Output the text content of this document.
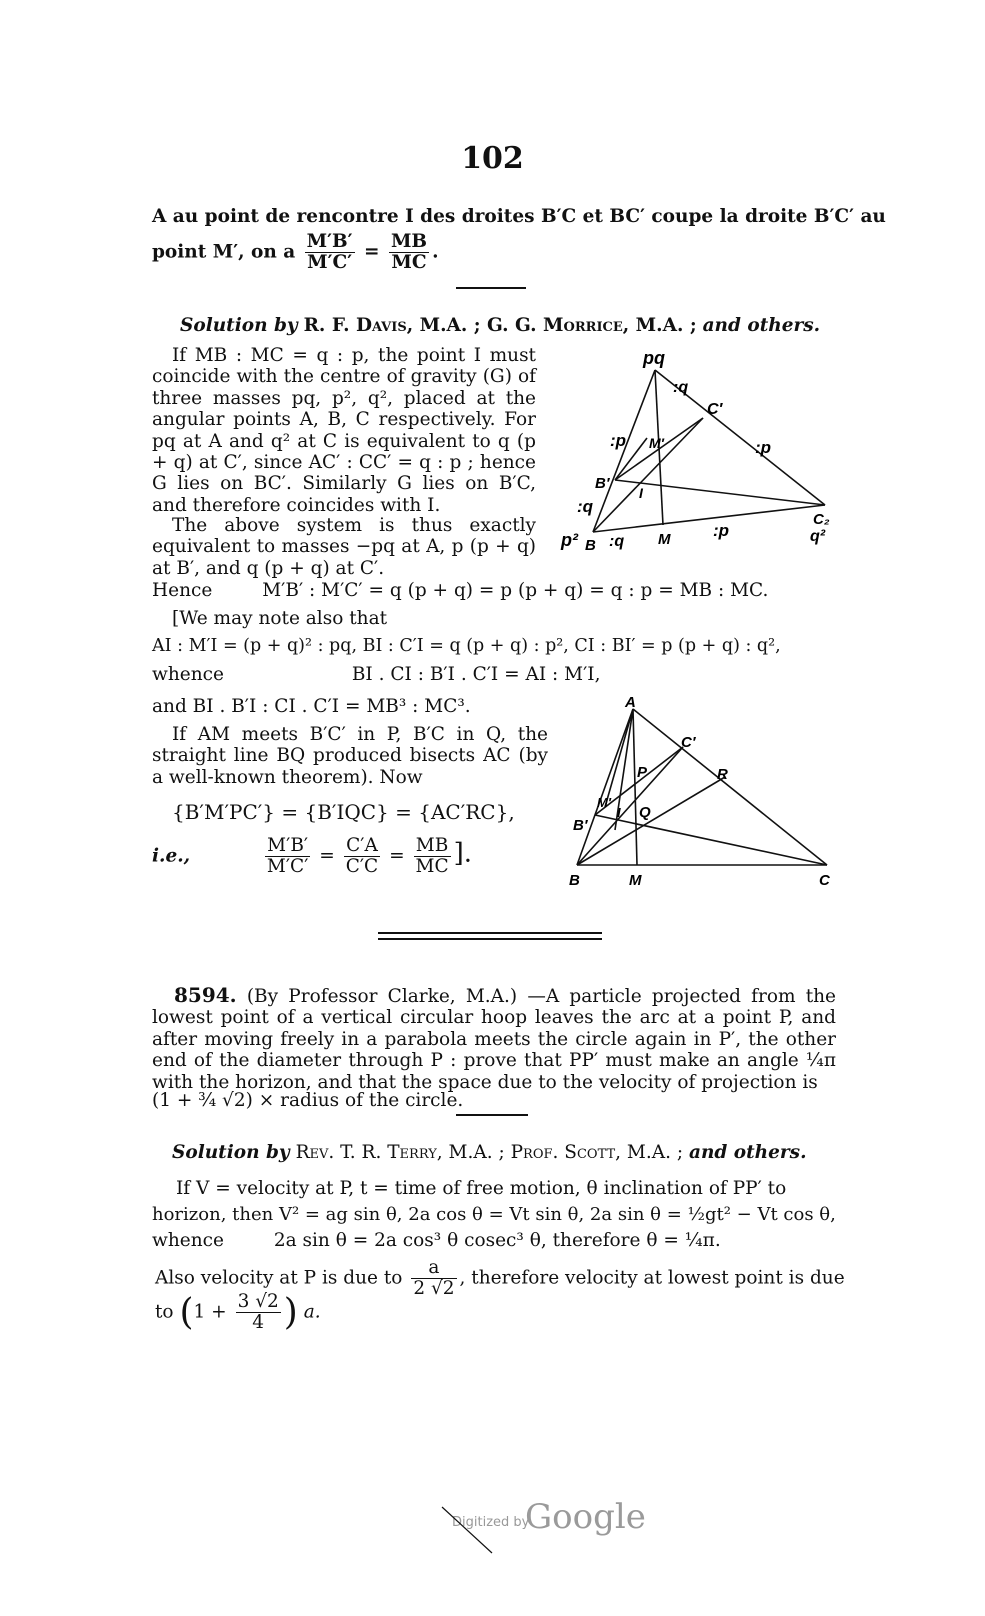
102
A au point de rencontre I des droites B′C et BC′ coupe la droite B′C′ au
point M′, on a $\frac{M'B'}{M'C'} = \frac{MB}{MC}$ .
Solution by R. F. Davis, M.A. ; G. G. Morrice, M.A. ; and others.
If MB : MC = q : p, the point I must coincide with the centre of gravity (G) of three masses pq, p², q², placed at the angular points A, B, C respectively. For pq at A and q² at C is equivalent to q (p + q) at C′, since AC′ : CC′ = q : p ; hence G lies on BC′. Similarly G lies on B′C, and therefore coincides with I.
The above system is thus exactly equivalent to masses −pq at A, p (p + q) at B′, and q (p + q) at C′.
pq
:q
C′
:p M′	:p
B′
I
:q
p² B :q M	:p
C₂
q²
Hence	M′B′ : M′C′ = q (p + q) = p (p + q) = q : p = MB : MC.
[We may note also that
AI : M′I = (p + q)² : pq, BI : C′I = q (p + q) : p², CI : BI′ = p (p + q) : q²,
whence	BI . CI : B′I . C′I = AI : M′I,
and BI . B′I : CI . C′I = MB³ : MC³.
If AM meets B′C′ in P, B′C in Q, the straight line BQ produced bisects AC (by a well-known theorem). Now
{B′M′PC′} = {B′IQC} = {AC′RC},
i.e.,	$\frac{M'B'}{M'C'} = \frac{C'A}{C'C} = \frac{MB}{MC}$ ].
A
C′
P	R
M′
I Q
B′
B	M	C
8594. (By Professor Clarke, M.A.) —A particle projected from the lowest point of a vertical circular hoop leaves the arc at a point P, and after moving freely in a parabola meets the circle again in P′, the other end of the diameter through P : prove that PP′ must make an angle ¼π with the horizon, and that the space due to the velocity of projection is
(1 + ¾ √2) × radius of the circle.
Solution by Rev. T. R. Terry, M.A. ; Prof. Scott, M.A. ; and others.
If V = velocity at P, t = time of free motion, θ inclination of PP′ to
horizon, then V² = ag sin θ, 2a cos θ = Vt sin θ, 2a sin θ = ½gt² − Vt cos θ,
whence	2a sin θ = 2a cos³ θ cosec³ θ, therefore θ = ¼π.
Also velocity at P is due to $\frac{a}{2 √2}$ , therefore velocity at lowest point is due
to ($1 + \frac{3 √2}{4}$ ) a.
Digitized by
Google
